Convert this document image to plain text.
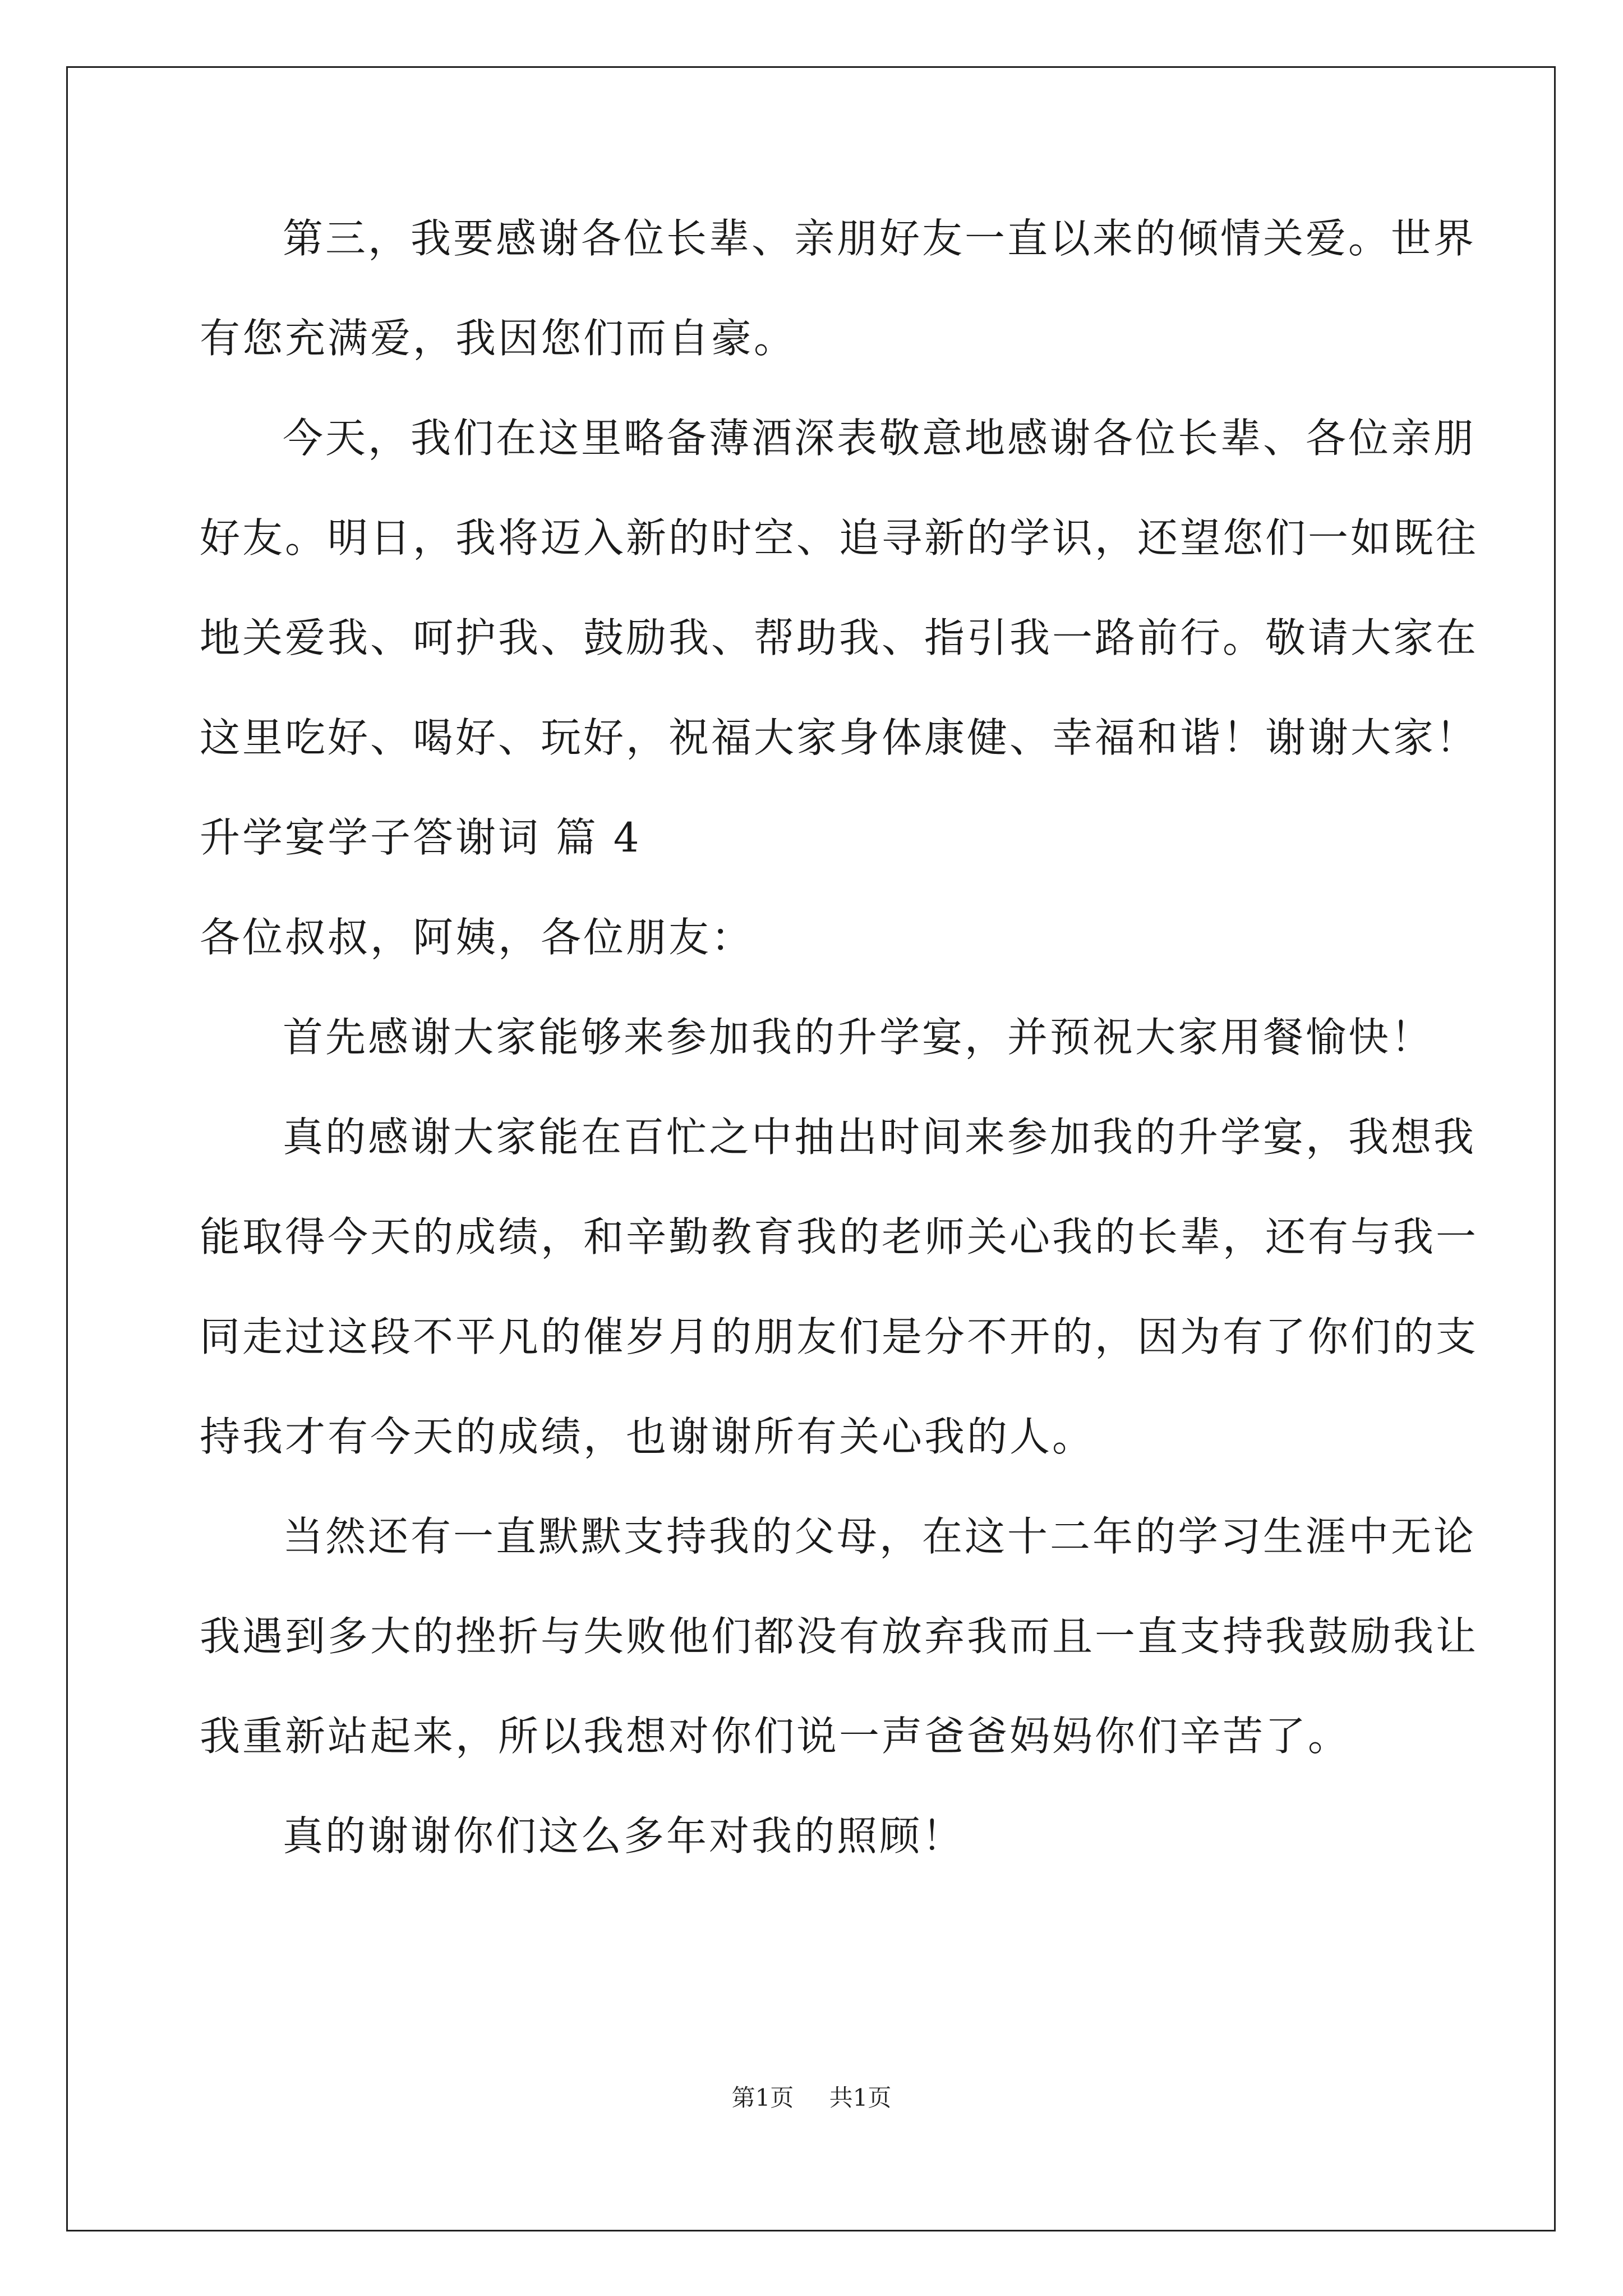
第三，我要感谢各位长辈、亲朋好友一直以来的倾情关爱。世界
有您充满爱，我因您们而自豪。
今天，我们在这里略备薄酒深表敬意地感谢各位长辈、各位亲朋
好友。明日，我将迈入新的时空、追寻新的学识，还望您们一如既往
地关爱我、呵护我、鼓励我、帮助我、指引我一路前行。敬请大家在
这里吃好、喝好、玩好，祝福大家身体康健、幸福和谐！谢谢大家！
升学宴学子答谢词 篇 4
各位叔叔，阿姨，各位朋友：
首先感谢大家能够来参加我的升学宴，并预祝大家用餐愉快！
真的感谢大家能在百忙之中抽出时间来参加我的升学宴，我想我
能取得今天的成绩，和辛勤教育我的老师关心我的长辈，还有与我一
同走过这段不平凡的催岁月的朋友们是分不开的，因为有了你们的支
持我才有今天的成绩，也谢谢所有关心我的人。
当然还有一直默默支持我的父母，在这十二年的学习生涯中无论
我遇到多大的挫折与失败他们都没有放弃我而且一直支持我鼓励我让
我重新站起来，所以我想对你们说一声爸爸妈妈你们辛苦了。
真的谢谢你们这么多年对我的照顾！
第1页 共1页
